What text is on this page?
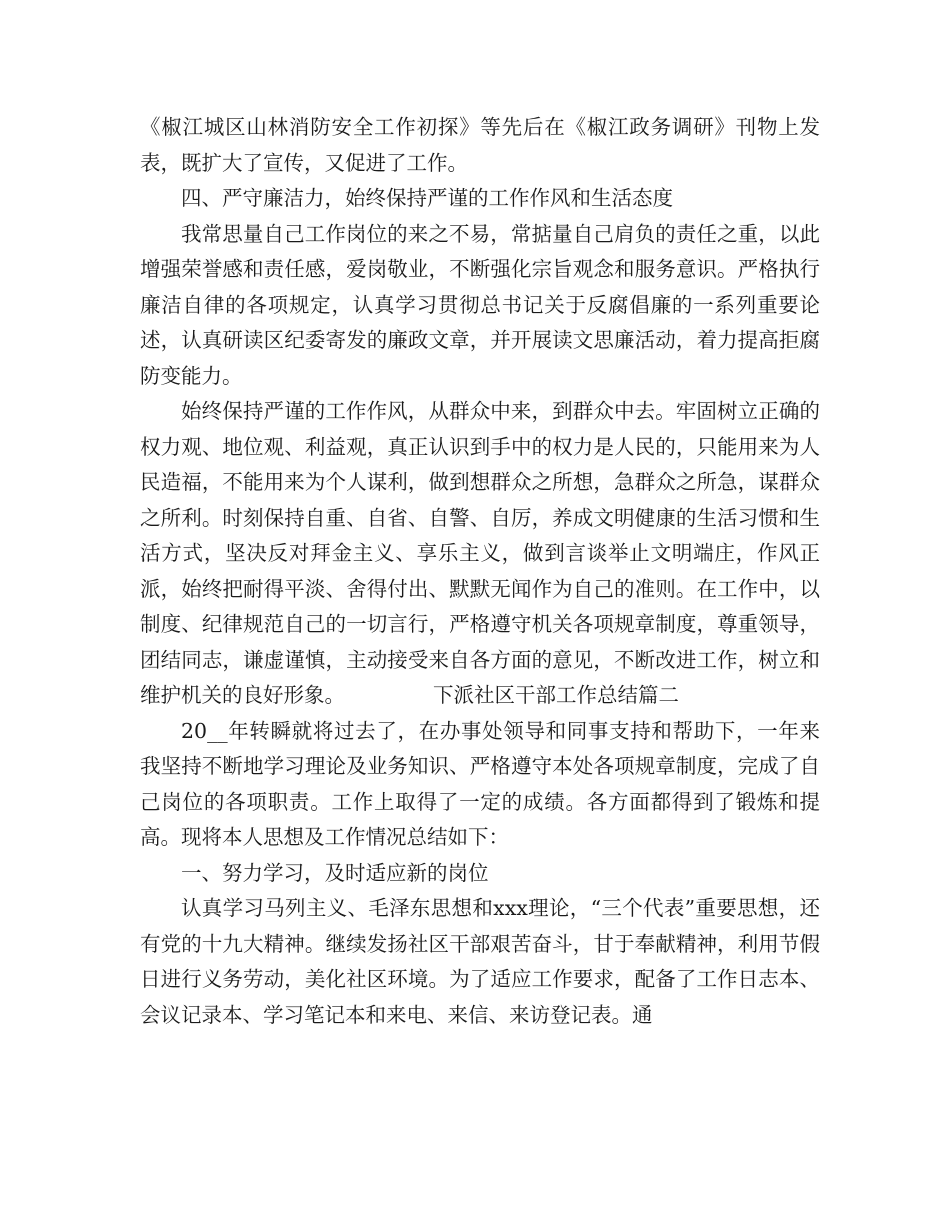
《椒江城区山林消防安全工作初探》等先后在《椒江政务调研》刊物上发表，既扩大了宣传，又促进了工作。

四、严守廉洁力，始终保持严谨的工作作风和生活态度

我常思量自己工作岗位的来之不易，常掂量自己肩负的责任之重，以此增强荣誉感和责任感，爱岗敬业，不断强化宗旨观念和服务意识。严格执行廉洁自律的各项规定，认真学习贯彻总书记关于反腐倡廉的一系列重要论述，认真研读区纪委寄发的廉政文章，并开展读文思廉活动，着力提高拒腐防变能力。

始终保持严谨的工作作风，从群众中来，到群众中去。牢固树立正确的权力观、地位观、利益观，真正认识到手中的权力是人民的，只能用来为人民造福，不能用来为个人谋利，做到想群众之所想，急群众之所急，谋群众之所利。时刻保持自重、自省、自警、自厉，养成文明健康的生活习惯和生活方式，坚决反对拜金主义、享乐主义，做到言谈举止文明端庄，作风正派，始终把耐得平淡、舍得付出、默默无闻作为自己的准则。在工作中，以制度、纪律规范自己的一切言行，严格遵守机关各项规章制度，尊重领导，团结同志，谦虚谨慎，主动接受来自各方面的意见，不断改进工作，树立和维护机关的良好形象。	下派社区干部工作总结篇二

20__年转瞬就将过去了，在办事处领导和同事支持和帮助下，一年来我坚持不断地学习理论及业务知识、严格遵守本处各项规章制度，完成了自己岗位的各项职责。工作上取得了一定的成绩。各方面都得到了锻炼和提高。现将本人思想及工作情况总结如下：

一、努力学习，及时适应新的岗位

认真学习马列主义、毛泽东思想和xxx理论，“三个代表”重要思想，还有党的十九大精神。继续发扬社区干部艰苦奋斗，甘于奉献精神，利用节假日进行义务劳动，美化社区环境。为了适应工作要求，配备了工作日志本、会议记录本、学习笔记本和来电、来信、来访登记表。通
